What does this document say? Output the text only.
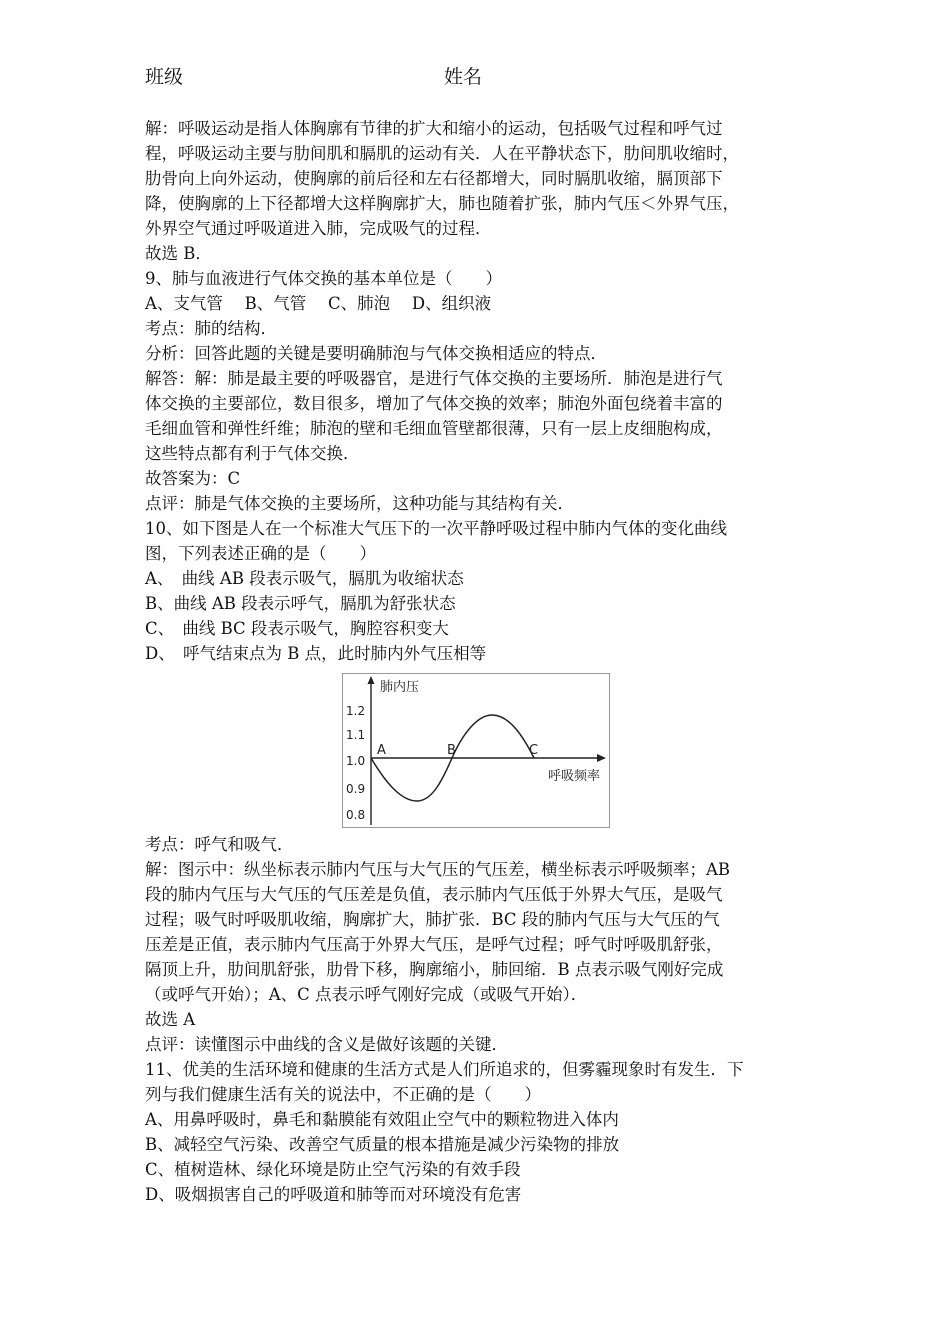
班级	姓名
解：呼吸运动是指人体胸廓有节律的扩大和缩小的运动，包括吸气过程和呼气过
程，呼吸运动主要与肋间肌和膈肌的运动有关．人在平静状态下，肋间肌收缩时，
肋骨向上向外运动，使胸廓的前后径和左右径都增大，同时膈肌收缩，膈顶部下
降，使胸廓的上下径都增大这样胸廓扩大，肺也随着扩张，肺内气压＜外界气压，
外界空气通过呼吸道进入肺，完成吸气的过程．
故选 B．
9、肺与血液进行气体交换的基本单位是（　　）
A、支气管　 B、气管　 C、肺泡　 D、组织液
考点：肺的结构．
分析：回答此题的关键是要明确肺泡与气体交换相适应的特点．
解答：解：肺是最主要的呼吸器官，是进行气体交换的主要场所．肺泡是进行气
体交换的主要部位，数目很多，增加了气体交换的效率；肺泡外面包绕着丰富的
毛细血管和弹性纤维；肺泡的壁和毛细血管壁都很薄，只有一层上皮细胞构成，
这些特点都有利于气体交换．
故答案为：C
点评：肺是气体交换的主要场所，这种功能与其结构有关．
10、如下图是人在一个标准大气压下的一次平静呼吸过程中肺内气体的变化曲线
图，下列表述正确的是（　　）
A、　曲线 AB 段表示吸气，膈肌为收缩状态
B、曲线 AB 段表示呼气，膈肌为舒张状态
C、　曲线 BC 段表示吸气，胸腔容积变大
D、　呼气结束点为 B 点，此时肺内外气压相等
肺内压
呼吸频率
1.2
1.1
1.0
0.9
0.8
A	B	C
考点：呼气和吸气．
解：图示中：纵坐标表示肺内气压与大气压的气压差，横坐标表示呼吸频率；AB
段的肺内气压与大气压的气压差是负值，表示肺内气压低于外界大气压，是吸气
过程；吸气时呼吸肌收缩，胸廓扩大，肺扩张．BC 段的肺内气压与大气压的气
压差是正值，表示肺内气压高于外界大气压，是呼气过程；呼气时呼吸肌舒张，
隔顶上升，肋间肌舒张，肋骨下移，胸廓缩小，肺回缩．B 点表示吸气刚好完成
（或呼气开始）；A、C 点表示呼气刚好完成（或吸气开始）．
故选 A
点评：读懂图示中曲线的含义是做好该题的关键．
11、优美的生活环境和健康的生活方式是人们所追求的，但雾霾现象时有发生．下
列与我们健康生活有关的说法中，不正确的是（　　）
A、用鼻呼吸时，鼻毛和黏膜能有效阻止空气中的颗粒物进入体内
B、减轻空气污染、改善空气质量的根本措施是减少污染物的排放
C、植树造林、绿化环境是防止空气污染的有效手段
D、吸烟损害自己的呼吸道和肺等而对环境没有危害
